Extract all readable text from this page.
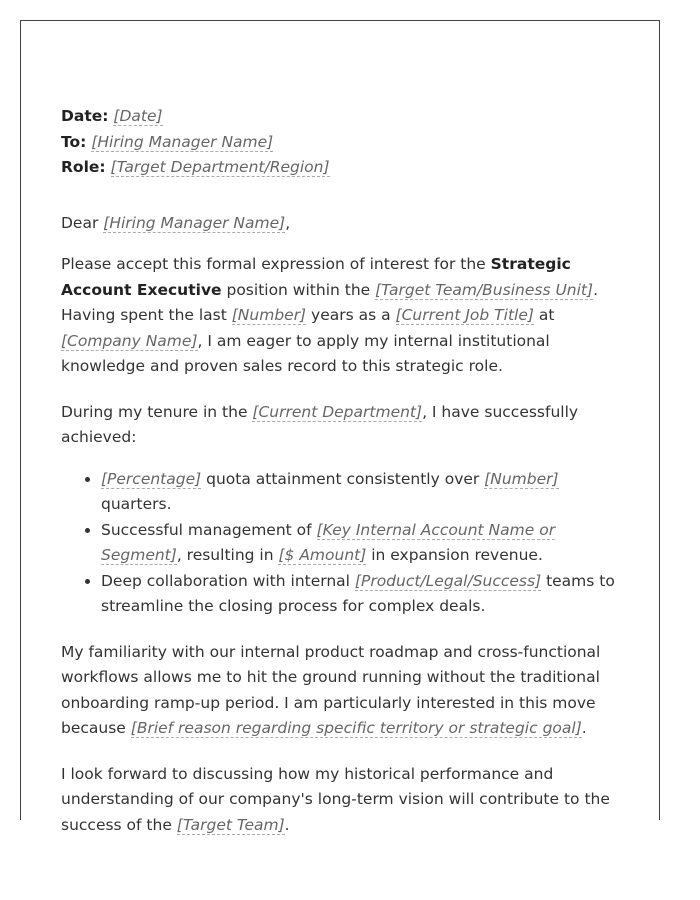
Date: [Date]
To: [Hiring Manager Name]
Role: [Target Department/Region]

Dear [Hiring Manager Name],

Please accept this formal expression of interest for the Strategic Account Executive position within the [Target Team/Business Unit]. Having spent the last [Number] years as a [Current Job Title] at [Company Name], I am eager to apply my internal institutional knowledge and proven sales record to this strategic role.

During my tenure in the [Current Department], I have successfully achieved:

• [Percentage] quota attainment consistently over [Number] quarters.
• Successful management of [Key Internal Account Name or Segment], resulting in [$ Amount] in expansion revenue.
• Deep collaboration with internal [Product/Legal/Success] teams to streamline the closing process for complex deals.

My familiarity with our internal product roadmap and cross-functional workflows allows me to hit the ground running without the traditional onboarding ramp-up period. I am particularly interested in this move because [Brief reason regarding specific territory or strategic goal].

I look forward to discussing how my historical performance and understanding of our company's long-term vision will contribute to the success of the [Target Team].
